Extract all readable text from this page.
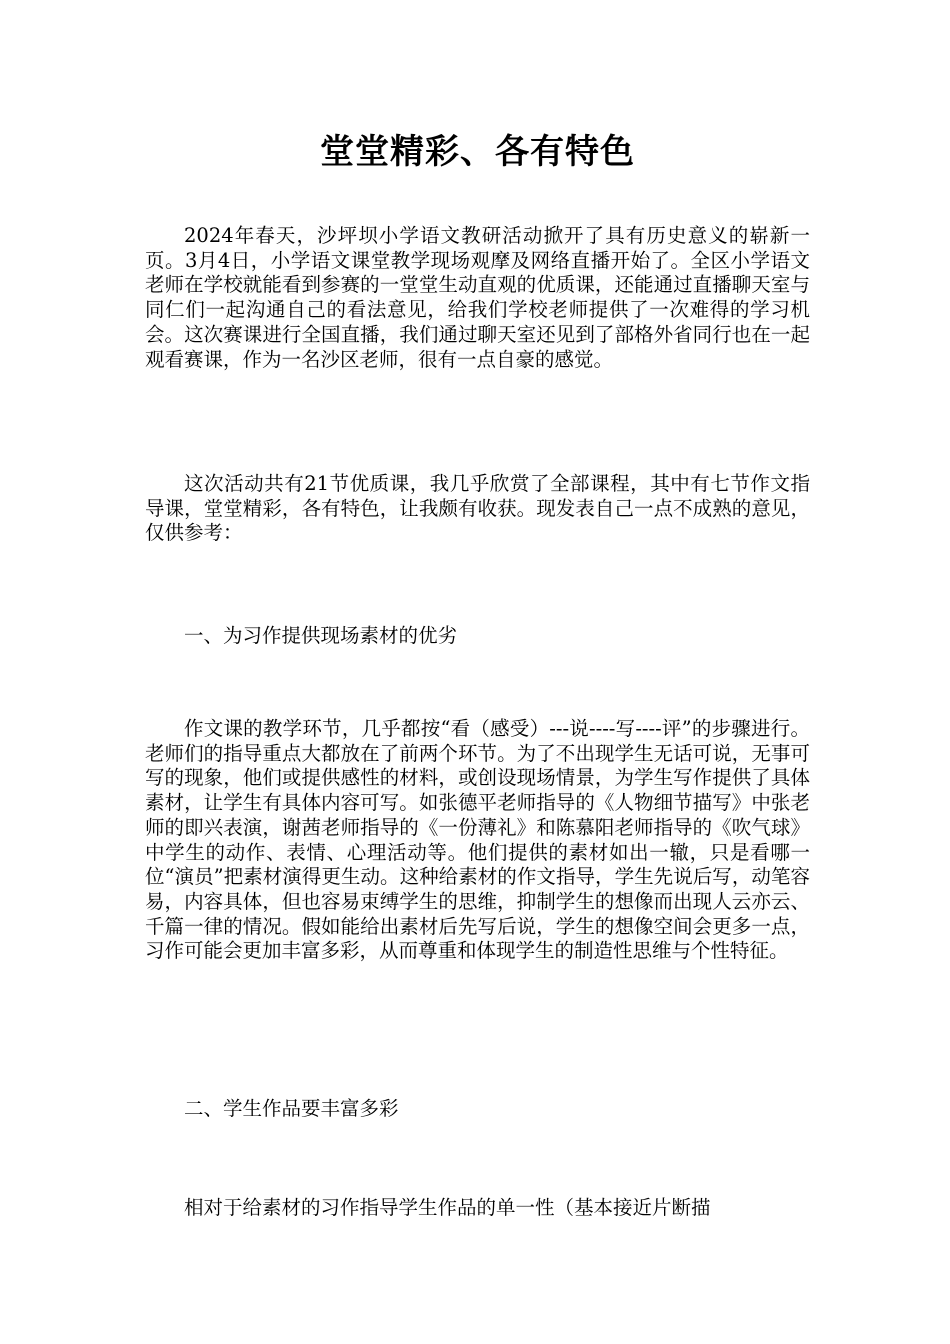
堂堂精彩、各有特色

2024年春天，沙坪坝小学语文教研活动掀开了具有历史意义的崭新一页。3月4日，小学语文课堂教学现场观摩及网络直播开始了。全区小学语文老师在学校就能看到参赛的一堂堂生动直观的优质课，还能通过直播聊天室与同仁们一起沟通自己的看法意见，给我们学校老师提供了一次难得的学习机会。这次赛课进行全国直播，我们通过聊天室还见到了部格外省同行也在一起观看赛课，作为一名沙区老师，很有一点自豪的感觉。

这次活动共有21节优质课，我几乎欣赏了全部课程，其中有七节作文指导课，堂堂精彩，各有特色，让我颇有收获。现发表自己一点不成熟的意见，仅供参考：

一、为习作提供现场素材的优劣

作文课的教学环节，几乎都按“看（感受）---说----写----评”的步骤进行。老师们的指导重点大都放在了前两个环节。为了不出现学生无话可说，无事可写的现象，他们或提供感性的材料，或创设现场情景，为学生写作提供了具体素材，让学生有具体内容可写。如张德平老师指导的《人物细节描写》中张老师的即兴表演，谢茜老师指导的《一份薄礼》和陈慕阳老师指导的《吹气球》中学生的动作、表情、心理活动等。他们提供的素材如出一辙，只是看哪一位“演员”把素材演得更生动。这种给素材的作文指导，学生先说后写，动笔容易，内容具体，但也容易束缚学生的思维，抑制学生的想像而出现人云亦云、千篇一律的情况。假如能给出素材后先写后说，学生的想像空间会更多一点，习作可能会更加丰富多彩，从而尊重和体现学生的制造性思维与个性特征。

二、学生作品要丰富多彩

相对于给素材的习作指导学生作品的单一性（基本接近片断描
